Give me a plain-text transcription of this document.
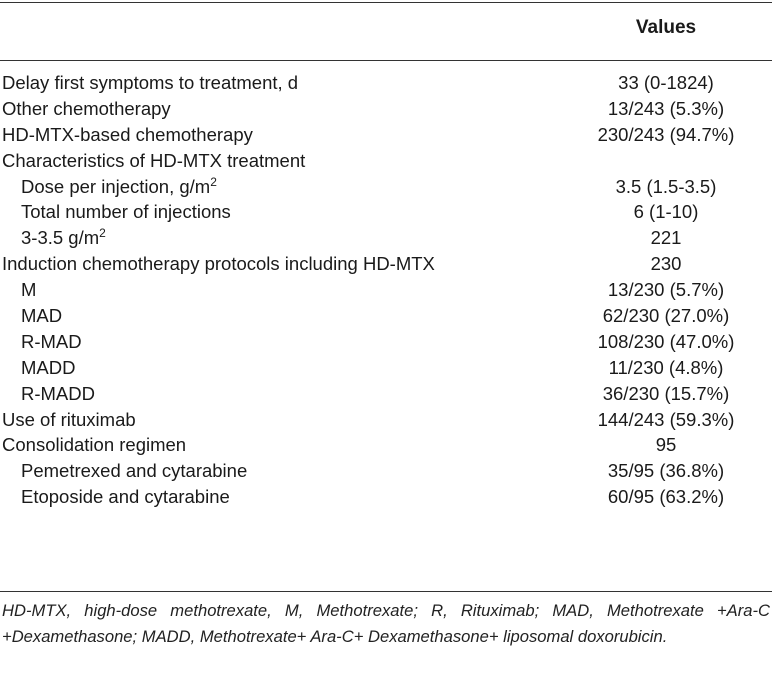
Values
Delay first symptoms to treatment, d	33 (0-1824)
Other chemotherapy	13/243 (5.3%)
HD-MTX-based chemotherapy	230/243 (94.7%)
Characteristics of HD-MTX treatment
Dose per injection, $g/m^2$	3.5 (1.5-3.5)
Total number of injections	6 (1-10)
3-3.5 $g/m^2$	221
Induction chemotherapy protocols including HD-MTX	230
M	13/230 (5.7%)
MAD	62/230 (27.0%)
R-MAD	108/230 (47.0%)
MADD	11/230 (4.8%)
R-MADD	36/230 (15.7%)
Use of rituximab	144/243 (59.3%)
Consolidation regimen	95
Pemetrexed and cytarabine	35/95 (36.8%)
Etoposide and cytarabine	60/95 (63.2%)
HD-MTX, high-dose methotrexate, M, Methotrexate; R, Rituximab; MAD, Methotrexate +Ara-C +Dexamethasone; MADD, Methotrexate+ Ara-C+ Dexamethasone+ liposomal doxorubicin.
